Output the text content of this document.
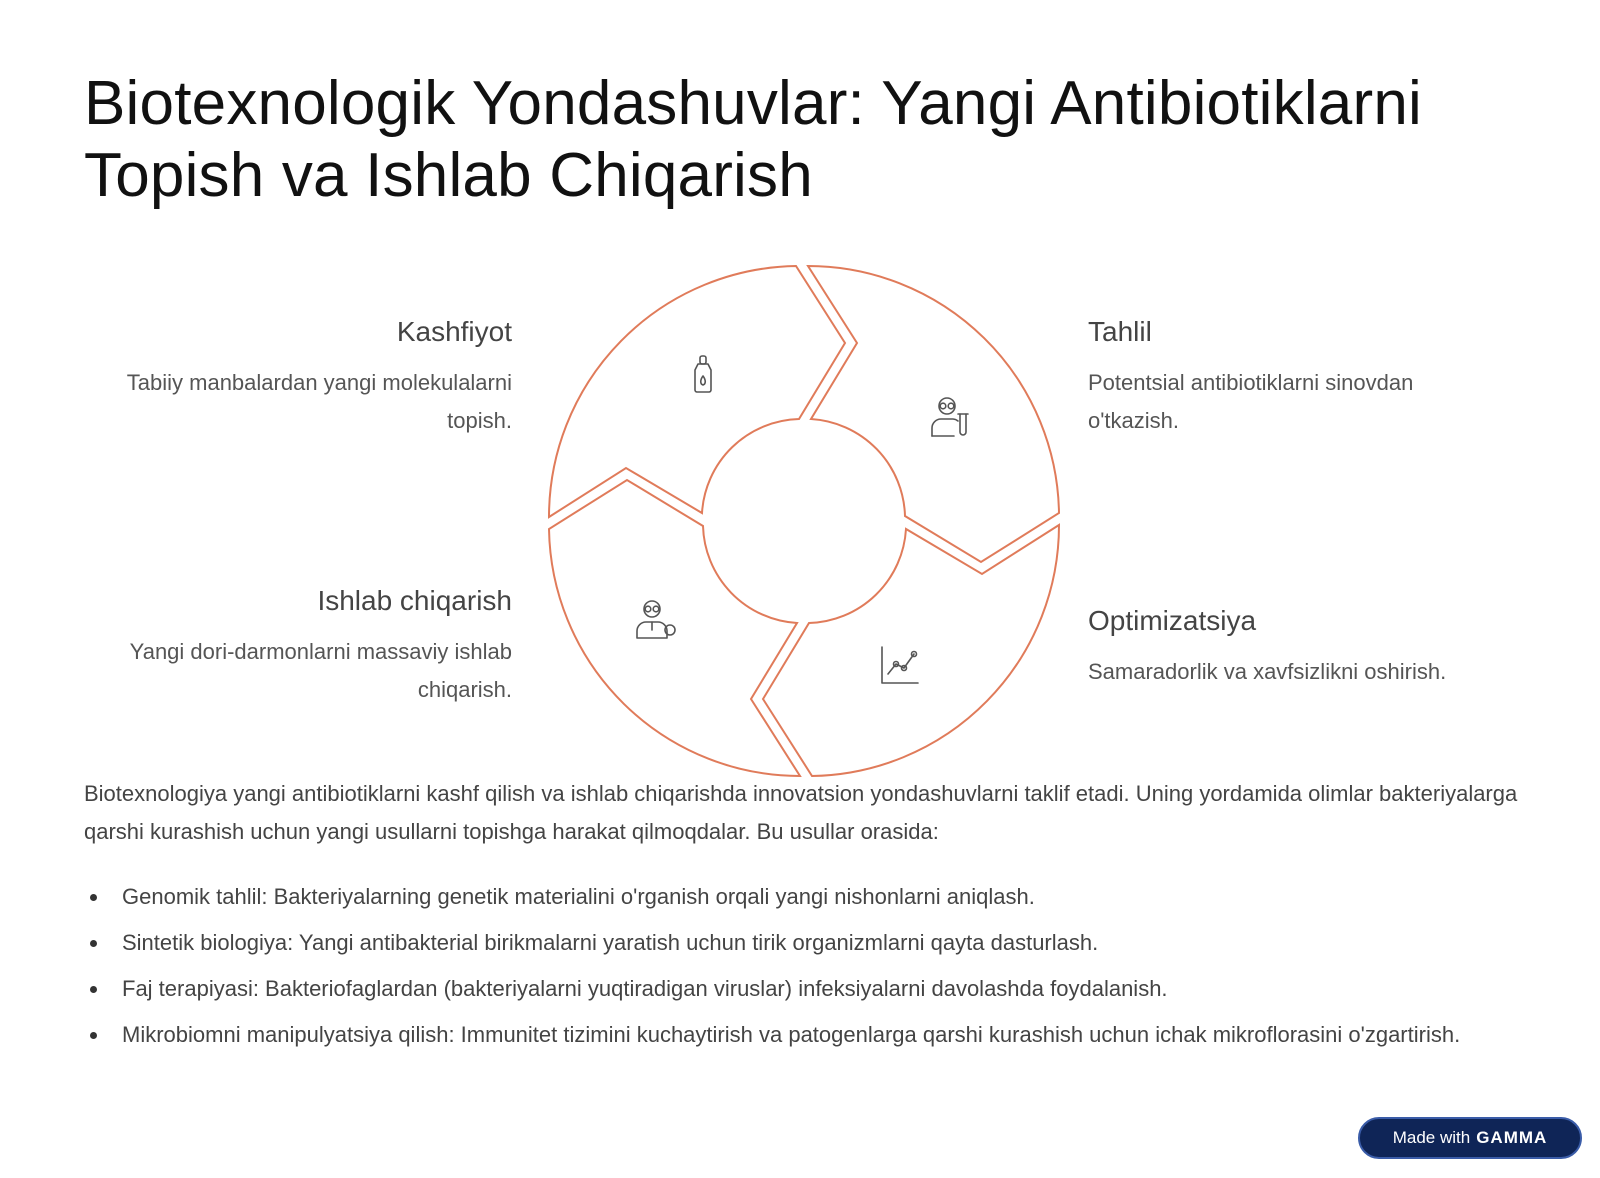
Biotexnologik Yondashuvlar: Yangi Antibiotiklarni Topish va Ishlab Chiqarish
Kashfiyot

Tabiiy manbalardan yangi molekulalarni topish.

Tahlil

Potentsial antibiotiklarni sinovdan o'tkazish.

Ishlab chiqarish

Yangi dori-darmonlarni massaviy ishlab chiqarish.

Optimizatsiya

Samaradorlik va xavfsizlikni oshirish.

Biotexnologiya yangi antibiotiklarni kashf qilish va ishlab chiqarishda innovatsion yondashuvlarni taklif etadi. Uning yordamida olimlar bakteriyalarga qarshi kurashish uchun yangi usullarni topishga harakat qilmoqdalar. Bu usullar orasida:

Genomik tahlil: Bakteriyalarning genetik materialini o'rganish orqali yangi nishonlarni aniqlash.
Sintetik biologiya: Yangi antibakterial birikmalarni yaratish uchun tirik organizmlarni qayta dasturlash.
Faj terapiyasi: Bakteriofaglardan (bakteriyalarni yuqtiradigan viruslar) infeksiyalarni davolashda foydalanish.
Mikrobiomni manipulyatsiya qilish: Immunitet tizimini kuchaytirish va patogenlarga qarshi kurashish uchun ichak mikroflorasini o'zgartirish.
Made with GAMMA
